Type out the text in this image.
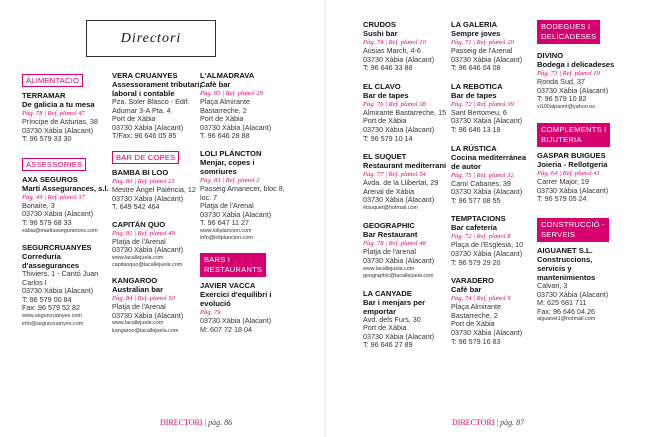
Directori
ALIMENTACIÓ
TERRAMAR
De galicia a tu mesa
Pàg. 78 | Ref. planol 47
Príncipe de Asturias, 38
03730 Xàbia (Alacant)
T: 96 579 33 30
ASSESSORIES
AXA SEGUROS
Martí Assegurances, s.l.
Pàg. 49 | Ref. planol 37
Bonaire, 3
03730 Xàbia (Alacant)
T: 96 579 68 33
xabia@martiassegurances.com
SEGURCRUANYES
Correduría
d'assegurances
Thiviers, 1 - Cantó Juan
Carlos I
03730 Xàbia (Alacant)
T: 96 579 00 84
Fax: 96 579 52 82
www.segurcruanyes.com
info@segurcruanyes.com
VERA CRUANYES
Assessorament tributari,
laboral i contable
Pza. Soler Blasco - Edif.
Adumar 3-A Pta. 4
Port de Xàbia
03730 Xàbia (Alacant)
T/Fax: 96 646 05 85
BAR DE COPES
BAMBA BI LOO
Pàg. 83 | Ref. planol 21
Mestre Àngel Palència, 12
03730 Xàbia (Alacant)
T. 649 542 464
CAPITÁN QUO
Pàg. 81 | Ref. planol 49
Platja de l'Arenal
03730 Xàbia (Alacant)
www.lacallejuela.com
capitanquo@lacallejuela.com
KANGAROO
Australian bar
Pàg. 84 | Ref. planol 50
Platja de l'Arenal
03730 Xàbia (Alacant)
www.lacallejuela.com
kangaroo@lacallejuela.com
L'ALMADRAVA
Cafè bar
Pàg. 85 | Ref. planol 29
Plaça Almirante
Bastarreche, 2
Port de Xàbia
03730 Xàbia (Alacant)
T. 96 646 28 88
LOLI PLÁNCTON
Menjar, copes i
somriures
Pàg. 83 | Ref. planol 2
Passeig Amanecer, bloc 8,
loc. 7
Platja de l'Arenal
03730 Xàbia (Alacant)
T. 96 647 11 27
www.loliplancton.com
info@loliplancton.com
BARS I
RESTAURANTS
JAVIER VACCA
Exercici d'equilibri i
evolució
Pàg. 79
03730 Xàbia (Alacant)
M: 607 72 18 04
CRUDOS
Sushi bar
Pàg. 74 | Ref. planol 10
Ausias March, 4-6
03730 Xàbia (Alacant)
T: 96 646 33 88
EL CLAVO
Bar de tapes
Pàg. 76 | Ref. planol 38
Almirante Bastarreche, 15
Port de Xàbia
03730 Xàbia (Alacant)
T: 96 579 10 14
EL SUQUET
Restaurant mediterrani
Pàg. 77 | Ref. planol 54
Avda. de la Llibertat, 29
Arenal de Xàbia
03730 Xàbia (Alacant)
elsuquet@hotmail.com
GEOGRAPHIC
Bar Restaurant
Pàg. 78 | Ref. planol 48
Platja de l'arenal
03730 Xàbia (Alacant)
www.lacallejuela.com
geographic@lacallejuela.com
LA CANYADE
Bar i menjars per
emportar
Avd. dels Furs, 30
Port de Xàbia
03730 Xàbia (Alacant)
T: 96 646 27 89
LA GALERIA
Sempre joves
Pàg. 71 | Ref. planol 20
Passeig de l'Arenal
03730 Xàbia (Alacant)
T: 96 646 04 08
LA REBOTICA
Bar de tapes
Pàg. 72 | Ref. planol 39
Sant Bertomeu, 6
03730 Xàbia (Alacant)
T: 96 646 13 18
LA RÚSTICA
Cocina mediterránea
de autor
Pàg. 75 | Ref. planol 32
Camí Cabanes, 39
03730 Xàbia (Alacant)
T: 96 577 08 55
TEMPTACIONS
Bar cafeteria
Pàg. 72 | Ref. planol 8
Plaça de l'Església, 10
03730 Xàbia (Alacant)
T: 96 579 29 20
VARADERO
Cafè bar
Pàg. 74 | Ref. planol 9
Plaça Almirante
Bastarreche, 2
Port de Xàbia
03730 Xàbia (Alacant)
T: 96 579 16 83
BODEGUES I
DELICADESES
DIVINO
Bodega i delicadeses
Pàg. 73 | Ref. planol 19
Ronda Sud, 37
03730 Xàbia (Alacant)
T: 96 579 10 82
vi100alpaont@yahoo.es
COMPLEMENTS I
BIJUTERIA
GASPAR BUIGUES
Joieria - Rellotgeria
Pàg. 64 | Ref. planol 41
Carrer Major, 19
03730 Xàbia (Alacant)
T: 96 579 05 24
CONSTRUCCIÓ -
SERVEIS
AIGUANET S.L.
Construccions,
servicis y
mantenimientos
Calvari, 3
03730 Xàbia (Alacant)
M: 625 681 711
Fax: 96 646 04 26
aiguanet1@hotmail.com
DIRECTORI | pàg. 86	DIRECTORI | pàg. 87
